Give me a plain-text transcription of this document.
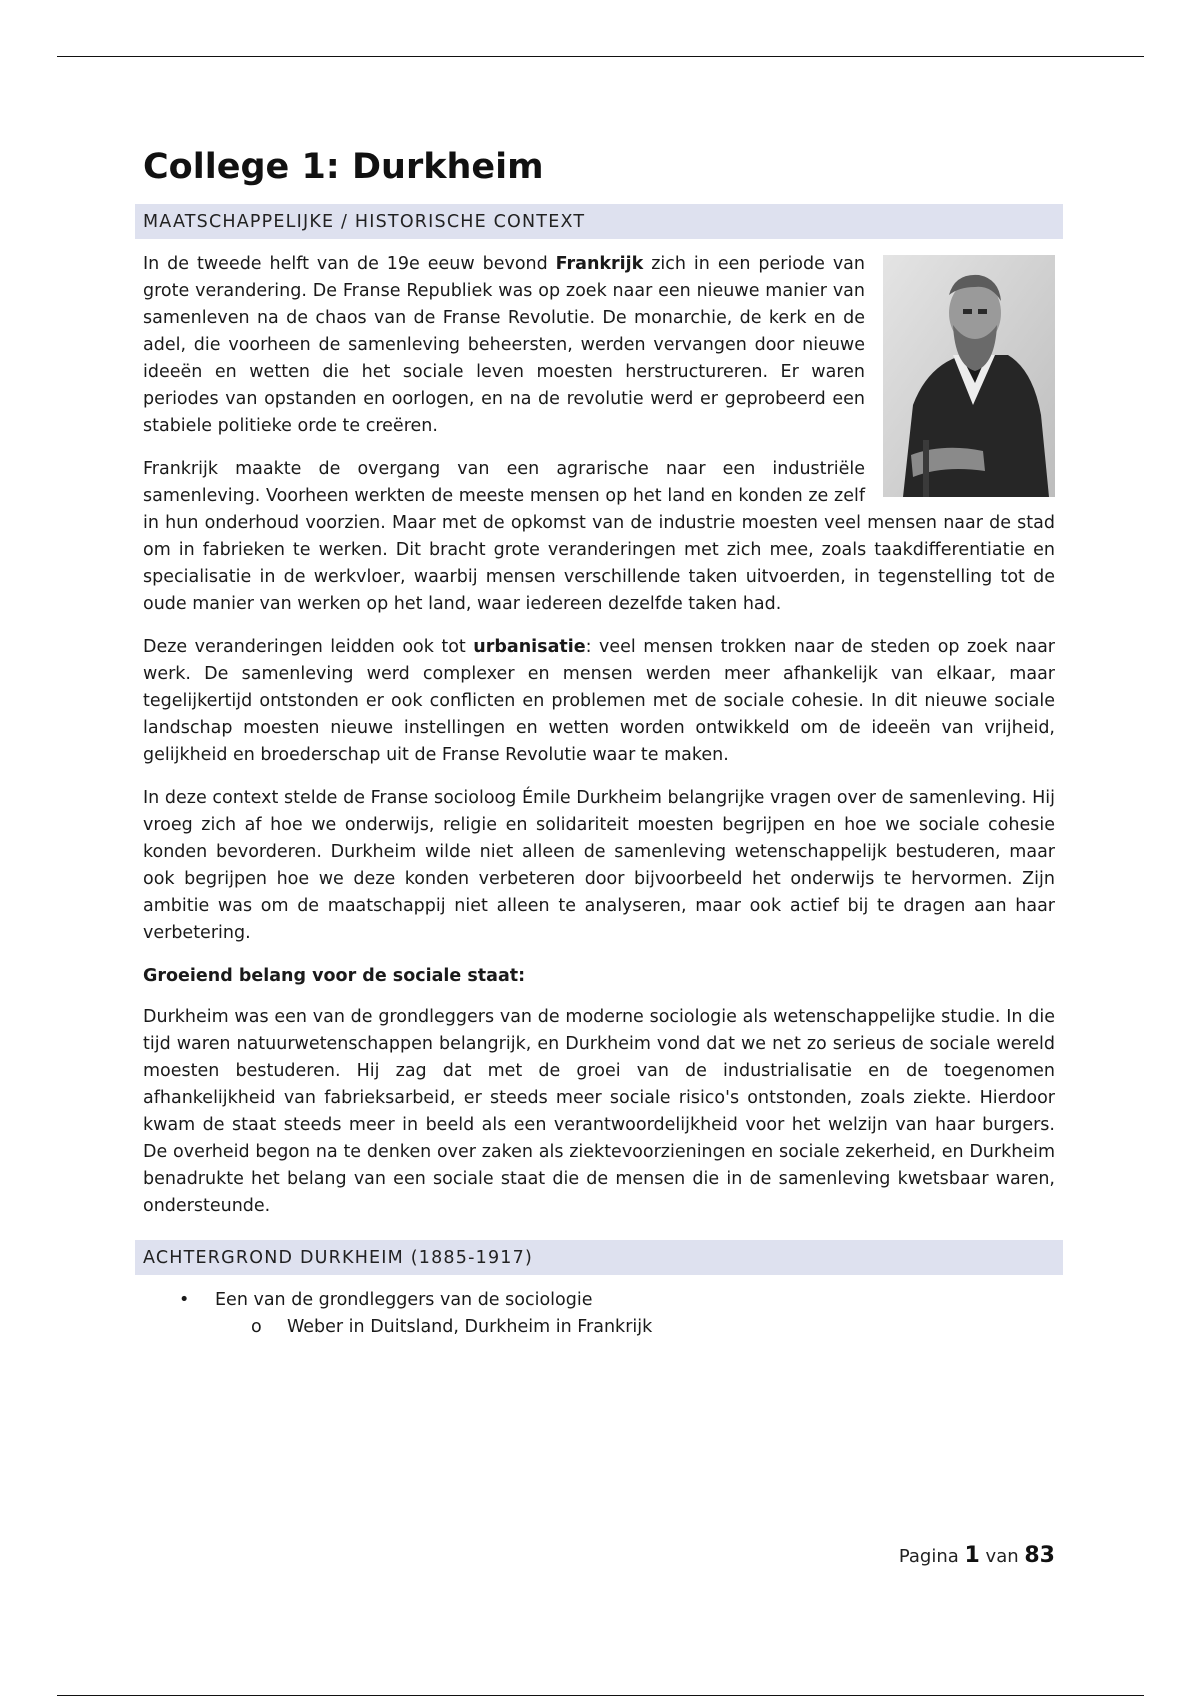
College 1: Durkheim
MAATSCHAPPELIJKE / HISTORISCHE CONTEXT

In de tweede helft van de 19e eeuw bevond Frankrijk zich in een periode van grote verandering. De Franse Republiek was op zoek naar een nieuwe manier van samenleven na de chaos van de Franse Revolutie. De monarchie, de kerk en de adel, die voorheen de samenleving beheersten, werden vervangen door nieuwe ideeën en wetten die het sociale leven moesten herstructureren. Er waren periodes van opstanden en oorlogen, en na de revolutie werd er geprobeerd een stabiele politieke orde te creëren.

Frankrijk maakte de overgang van een agrarische naar een industriële samenleving. Voorheen werkten de meeste mensen op het land en konden ze zelf in hun onderhoud voorzien. Maar met de opkomst van de industrie moesten veel mensen naar de stad om in fabrieken te werken. Dit bracht grote veranderingen met zich mee, zoals taakdifferentiatie en specialisatie in de werkvloer, waarbij mensen verschillende taken uitvoerden, in tegenstelling tot de oude manier van werken op het land, waar iedereen dezelfde taken had.

Deze veranderingen leidden ook tot urbanisatie: veel mensen trokken naar de steden op zoek naar werk. De samenleving werd complexer en mensen werden meer afhankelijk van elkaar, maar tegelijkertijd ontstonden er ook conflicten en problemen met de sociale cohesie. In dit nieuwe sociale landschap moesten nieuwe instellingen en wetten worden ontwikkeld om de ideeën van vrijheid, gelijkheid en broederschap uit de Franse Revolutie waar te maken.

In deze context stelde de Franse socioloog Émile Durkheim belangrijke vragen over de samenleving. Hij vroeg zich af hoe we onderwijs, religie en solidariteit moesten begrijpen en hoe we sociale cohesie konden bevorderen. Durkheim wilde niet alleen de samenleving wetenschappelijk bestuderen, maar ook begrijpen hoe we deze konden verbeteren door bijvoorbeeld het onderwijs te hervormen. Zijn ambitie was om de maatschappij niet alleen te analyseren, maar ook actief bij te dragen aan haar verbetering.

Groeiend belang voor de sociale staat:

Durkheim was een van de grondleggers van de moderne sociologie als wetenschappelijke studie. In die tijd waren natuurwetenschappen belangrijk, en Durkheim vond dat we net zo serieus de sociale wereld moesten bestuderen. Hij zag dat met de groei van de industrialisatie en de toegenomen afhankelijkheid van fabrieksarbeid, er steeds meer sociale risico's ontstonden, zoals ziekte. Hierdoor kwam de staat steeds meer in beeld als een verantwoordelijkheid voor het welzijn van haar burgers. De overheid begon na te denken over zaken als ziektevoorzieningen en sociale zekerheid, en Durkheim benadrukte het belang van een sociale staat die de mensen die in de samenleving kwetsbaar waren, ondersteunde.

ACHTERGROND DURKHEIM (1885-1917)
• Een van de grondleggers van de sociologie
o Weber in Duitsland, Durkheim in Frankrijk
Pagina 1 van 83
